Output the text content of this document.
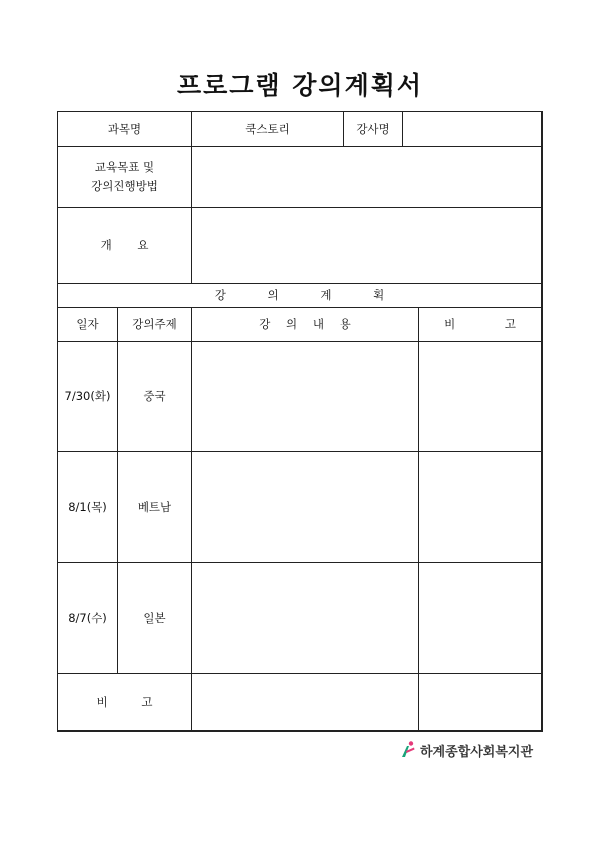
프로그램 강의계획서
과목명	쿡스토리	강사명
교육목표 및
강의진행방법
개 요
강 의 계 획
일자	강의주제	강 의 내 용	비 고
7/30(화)	중국
8/1(목)	베트남
8/7(수)	일본
비 고
하계종합사회복지관
